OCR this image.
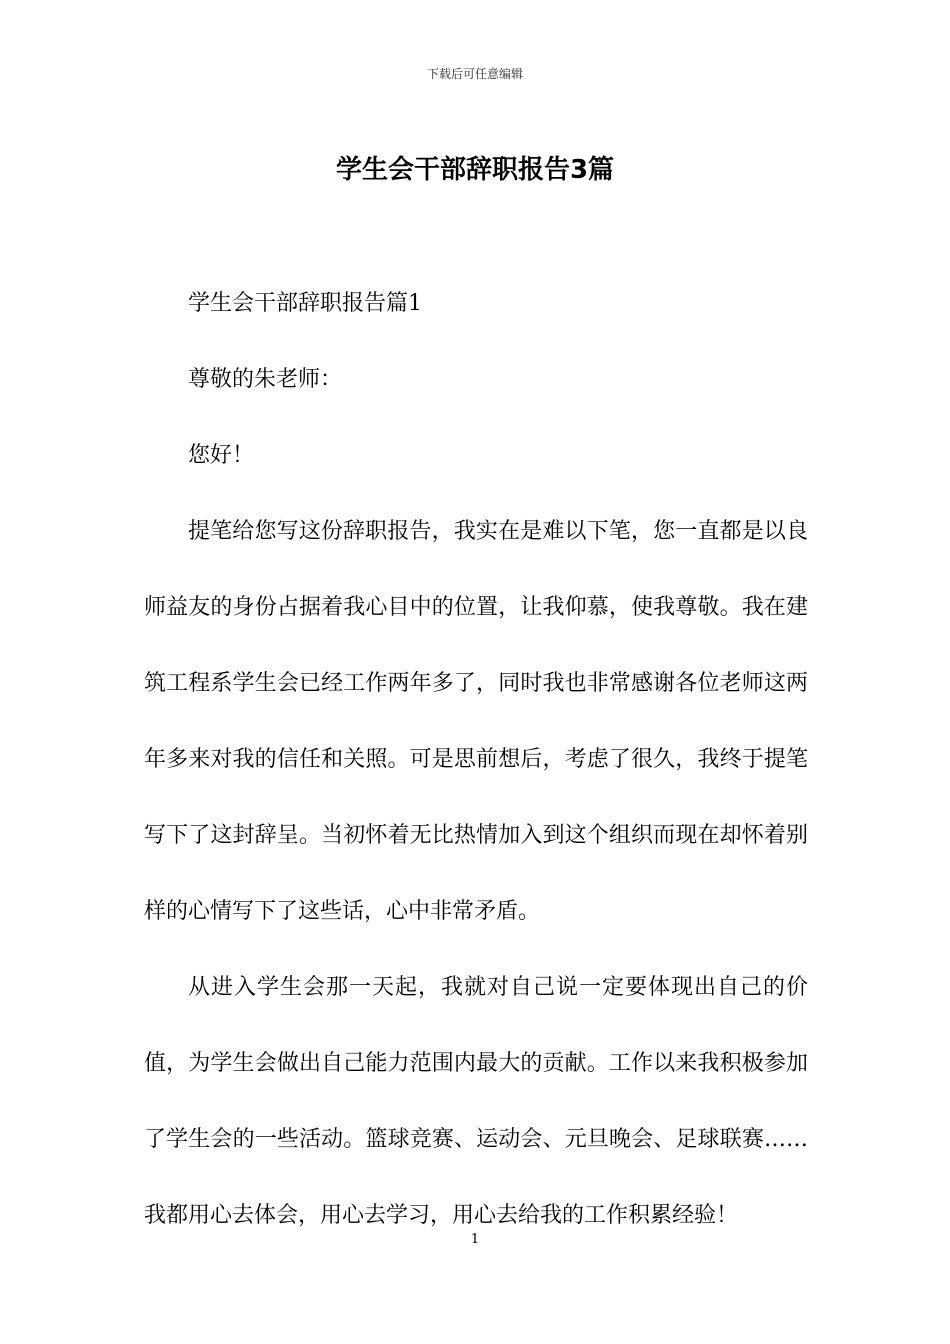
下载后可任意编辑
学生会干部辞职报告3篇

学生会干部辞职报告篇1

尊敬的朱老师：

您好！

提笔给您写这份辞职报告，我实在是难以下笔，您一直都是以良师益友的身份占据着我心目中的位置，让我仰慕，使我尊敬。我在建筑工程系学生会已经工作两年多了，同时我也非常感谢各位老师这两年多来对我的信任和关照。可是思前想后，考虑了很久，我终于提笔写下了这封辞呈。当初怀着无比热情加入到这个组织而现在却怀着别样的心情写下了这些话，心中非常矛盾。

从进入学生会那一天起，我就对自己说一定要体现出自己的价值，为学生会做出自己能力范围内最大的贡献。工作以来我积极参加了学生会的一些活动。篮球竞赛、运动会、元旦晚会、足球联赛……我都用心去体会，用心去学习，用心去给我的工作积累经验！

1
